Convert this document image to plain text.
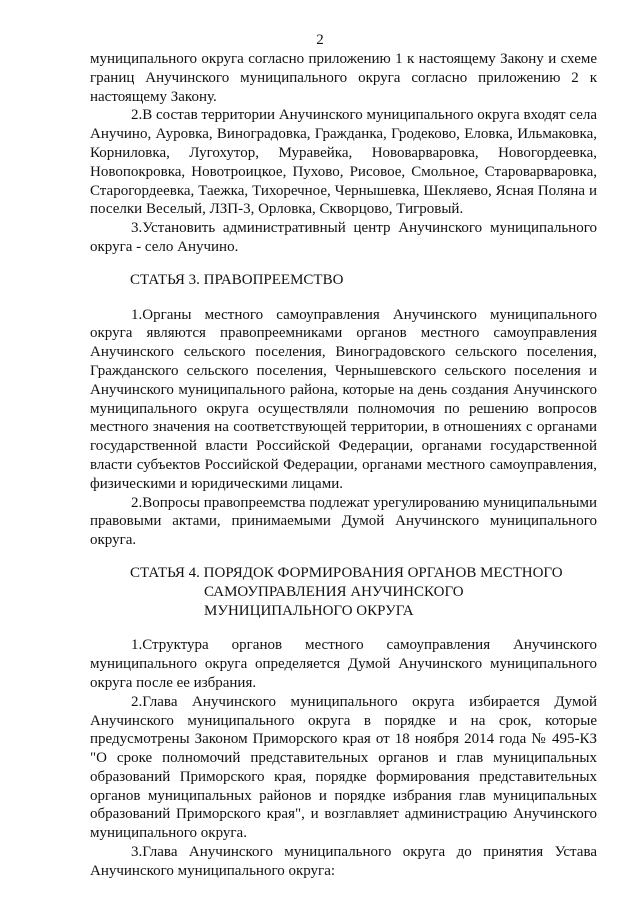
2

муниципального округа согласно приложению 1 к настоящему Закону и схеме границ Анучинского муниципального округа согласно приложению 2 к настоящему Закону.

2.В состав территории Анучинского муниципального округа входят села Анучино, Ауровка, Виноградовка, Гражданка, Гродеково, Еловка, Ильмаковка, Корниловка, Лугохутор, Муравейка, Нововарваровка, Новогордеевка, Новопокровка, Новотроицкое, Пухово, Рисовое, Смольное, Староварваровка, Старогордеевка, Таежка, Тихоречное, Чернышевка, Шекляево, Ясная Поляна и поселки Веселый, ЛЗП-3, Орловка, Скворцово, Тигровый.

3.Установить административный центр Анучинского муниципального округа - село Анучино.

СТАТЬЯ 3. ПРАВОПРЕЕМСТВО

1.Органы местного самоуправления Анучинского муниципального округа являются правопреемниками органов местного самоуправления Анучинского сельского поселения, Виноградовского сельского поселения, Гражданского сельского поселения, Чернышевского сельского поселения и Анучинского муниципального района, которые на день создания Анучинского муниципального округа осуществляли полномочия по решению вопросов местного значения на соответствующей территории, в отношениях с органами государственной власти Российской Федерации, органами государственной власти субъектов Российской Федерации, органами местного самоуправления, физическими и юридическими лицами.

2.Вопросы правопреемства подлежат урегулированию муниципальными правовыми актами, принимаемыми Думой Анучинского муниципального округа.

СТАТЬЯ 4. ПОРЯДОК ФОРМИРОВАНИЯ ОРГАНОВ МЕСТНОГО
САМОУПРАВЛЕНИЯ АНУЧИНСКОГО
МУНИЦИПАЛЬНОГО ОКРУГА

1.Структура органов местного самоуправления Анучинского муниципального округа определяется Думой Анучинского муниципального округа после ее избрания.

2.Глава Анучинского муниципального округа избирается Думой Анучинского муниципального округа в порядке и на срок, которые предусмотрены Законом Приморского края от 18 ноября 2014 года № 495-КЗ "О сроке полномочий представительных органов и глав муниципальных образований Приморского края, порядке формирования представительных органов муниципальных районов и порядке избрания глав муниципальных образований Приморского края", и возглавляет администрацию Анучинского муниципального округа.

3.Глава Анучинского муниципального округа до принятия Устава Анучинского муниципального округа:
